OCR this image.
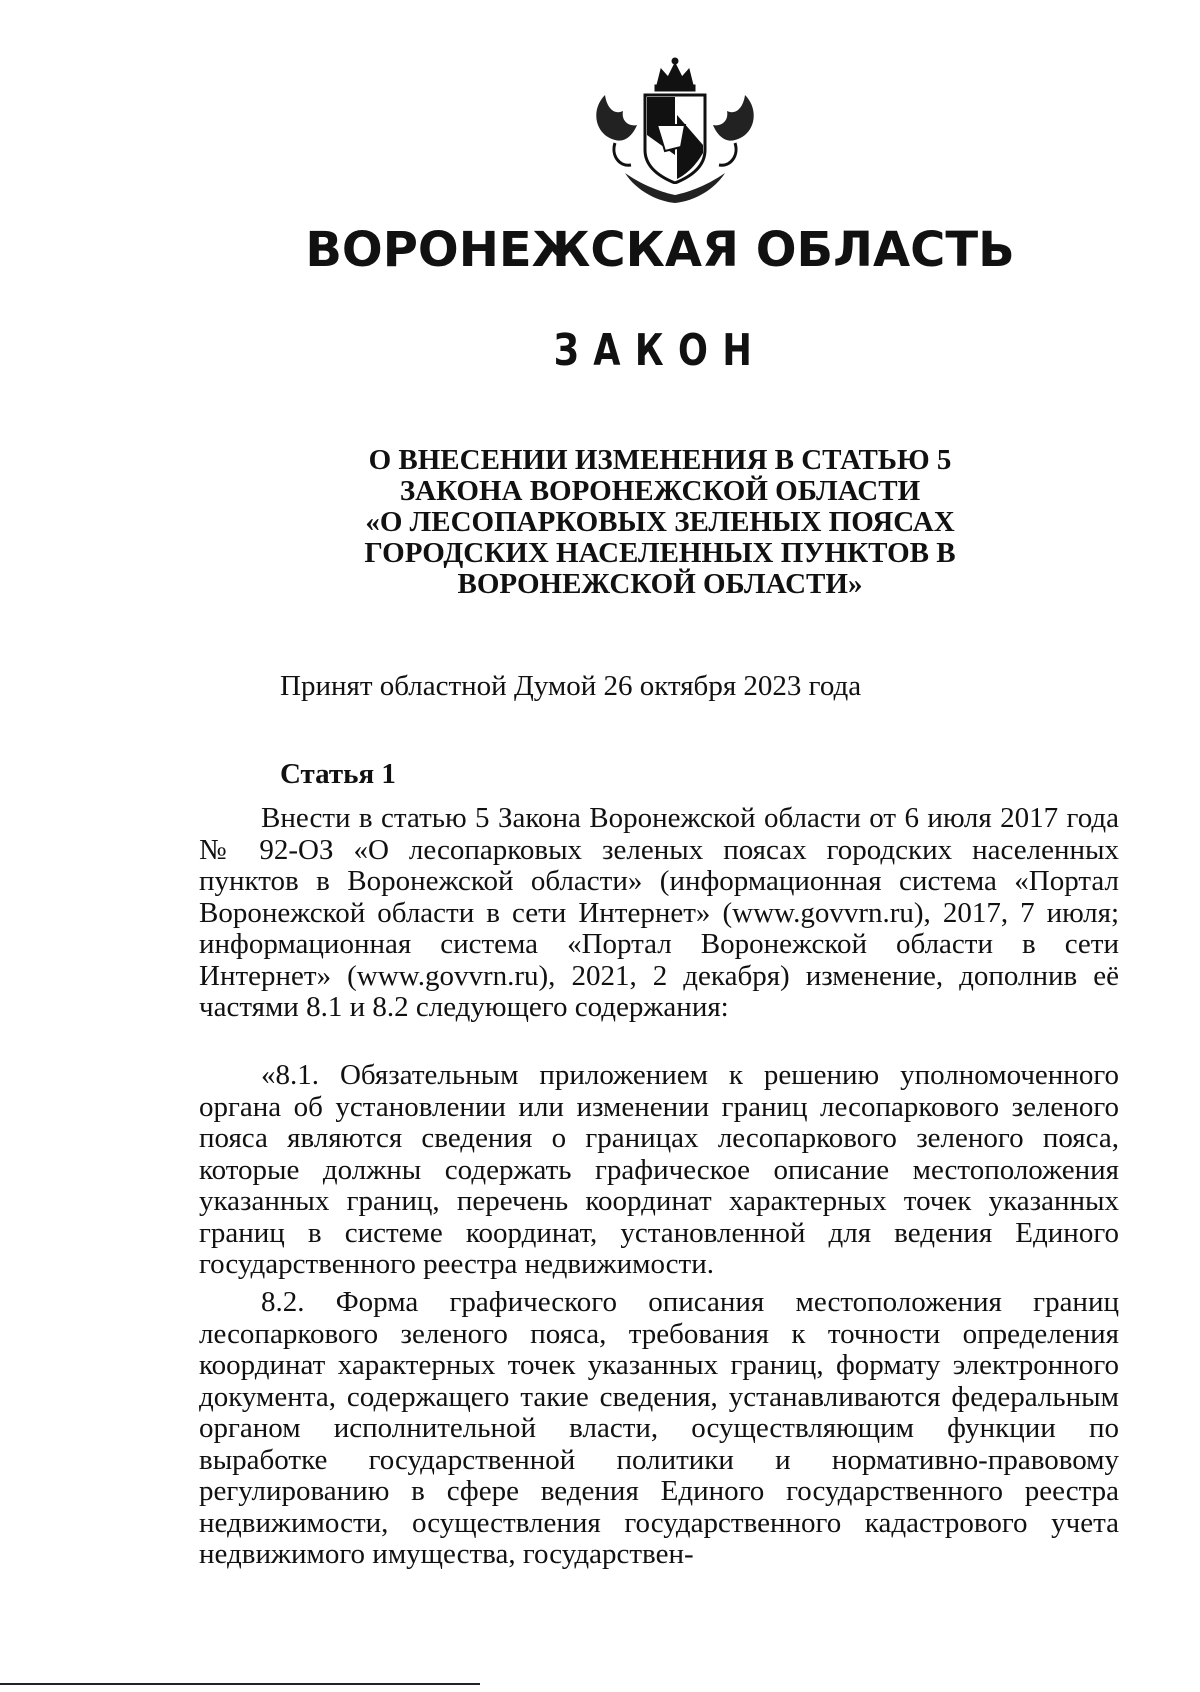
ВОРОНЕЖСКАЯ ОБЛАСТЬ
ЗАКОН
О ВНЕСЕНИИ ИЗМЕНЕНИЯ В СТАТЬЮ 5
ЗАКОНА ВОРОНЕЖСКОЙ ОБЛАСТИ
«О ЛЕСОПАРКОВЫХ ЗЕЛЕНЫХ ПОЯСАХ
ГОРОДСКИХ НАСЕЛЕННЫХ ПУНКТОВ В
ВОРОНЕЖСКОЙ ОБЛАСТИ»
Принят областной Думой 26 октября 2023 года
Статья 1

Внести в статью 5 Закона Воронежской области от 6 июля 2017 года № 92-ОЗ «О лесопарковых зеленых поясах городских населенных пунктов в Воронежской области» (информационная система «Портал Воронежской области в сети Интернет» (www.govvrn.ru), 2017, 7 июля; информационная система «Портал Воронежской области в сети Интернет» (www.govvrn.ru), 2021, 2 декабря) изменение, дополнив её частями 8.1 и 8.2 следующего содержания:

«8.1. Обязательным приложением к решению уполномоченного органа об установлении или изменении границ лесопаркового зеленого пояса являются сведения о границах лесопаркового зеленого пояса, которые должны содержать графическое описание местоположения указанных границ, перечень координат характерных точек указанных границ в системе координат, установленной для ведения Единого государственного реестра недвижимости.

8.2. Форма графического описания местоположения границ лесопаркового зеленого пояса, требования к точности определения координат характерных точек указанных границ, формату электронного документа, содержащего такие сведения, устанавливаются федеральным органом исполнительной власти, осуществляющим функции по выработке государственной политики и нормативно-правовому регулированию в сфере ведения Единого государственного реестра недвижимости, осуществления государственного кадастрового учета недвижимого имущества, государствен-
